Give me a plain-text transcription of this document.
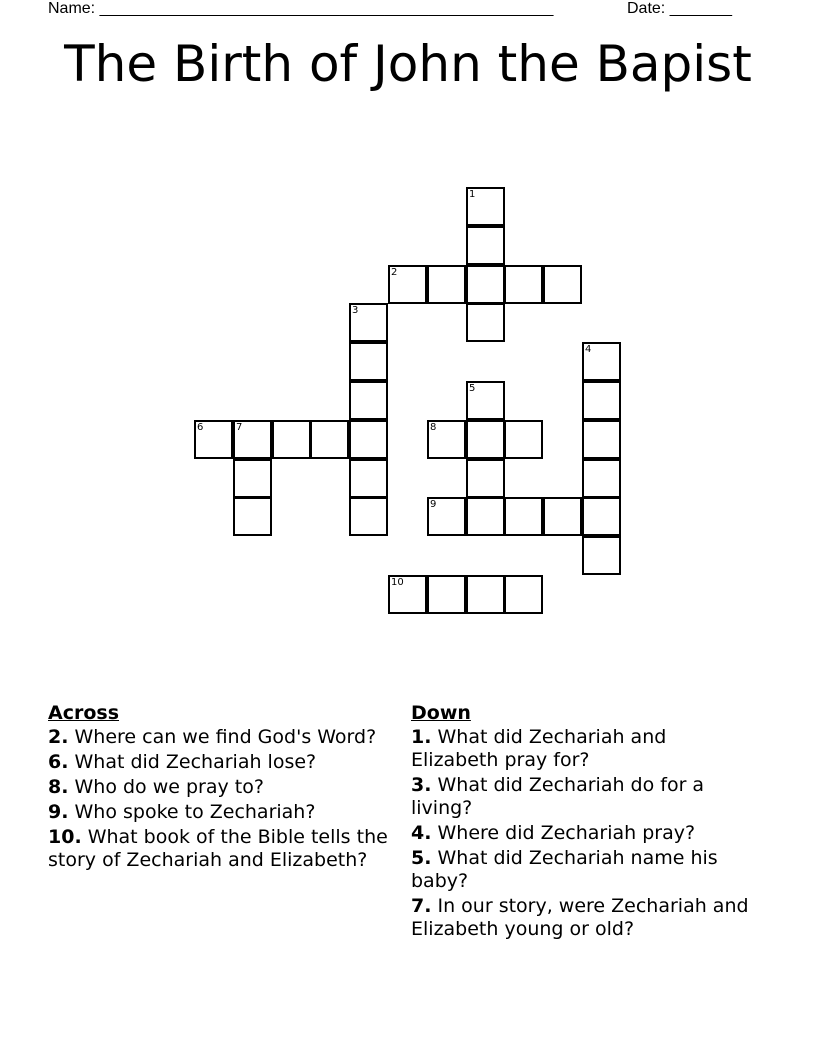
Name: ___________________________________________________	Date: _______
The Birth of John the Bapist
1
2
3
4
5
6	7	8
9
10
Across
2. Where can we find God's Word?
6. What did Zechariah lose?
8. Who do we pray to?
9. Who spoke to Zechariah?
10. What book of the Bible tells the story of Zechariah and Elizabeth?
Down
1. What did Zechariah and Elizabeth pray for?
3. What did Zechariah do for a living?
4. Where did Zechariah pray?
5. What did Zechariah name his baby?
7. In our story, were Zechariah and Elizabeth young or old?
